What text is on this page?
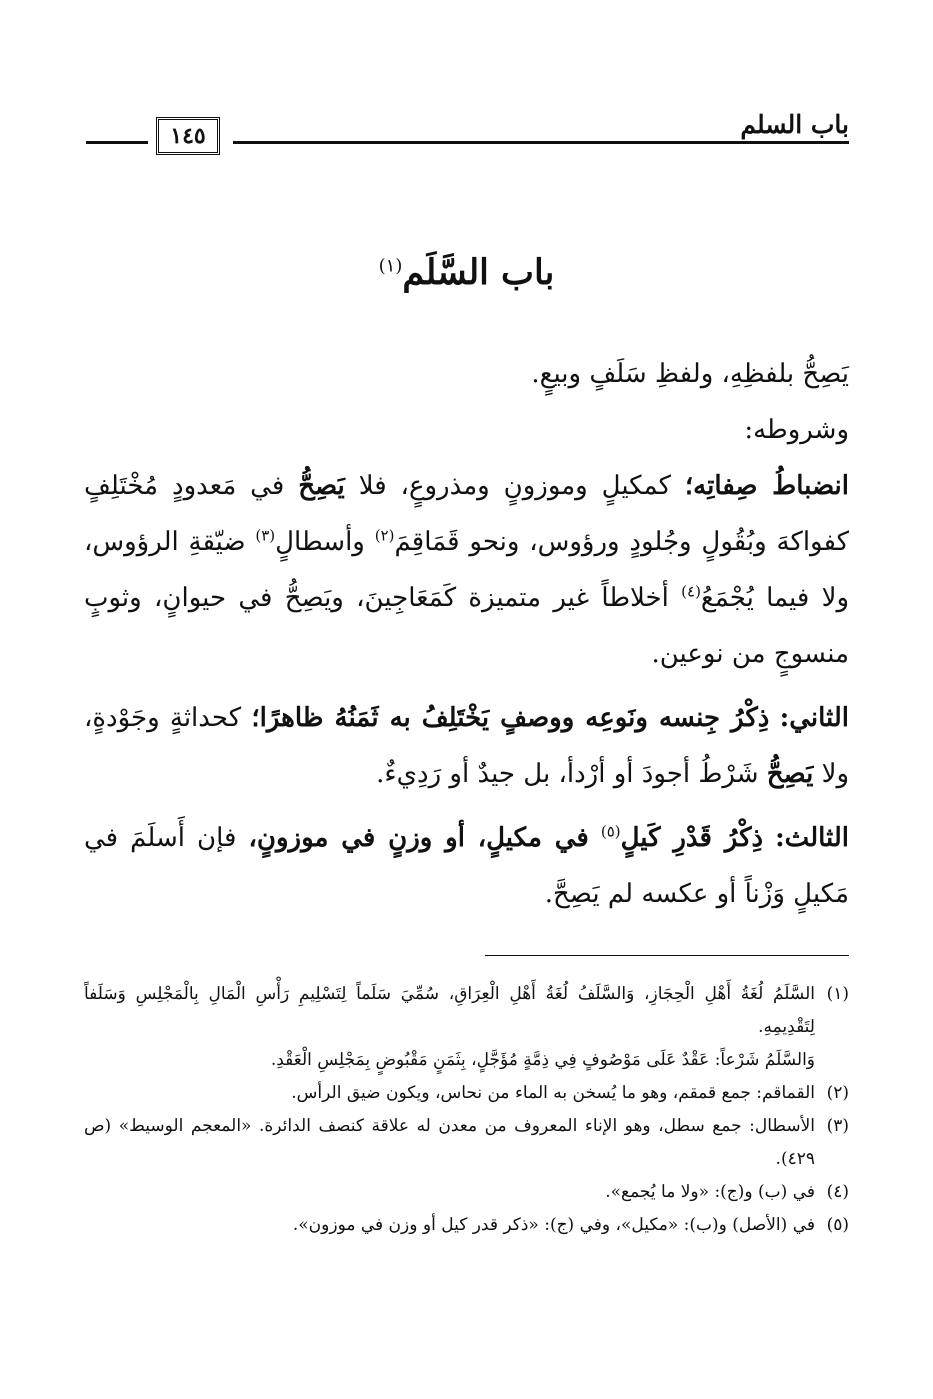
باب السلم
١٤٥
باب السَّلَم$^{(١)}$

يَصِحُّ بلفظِهِ، ولفظِ سَلَفٍ وبيعٍ.

وشروطه:

انضباطُ صِفاتِه؛ كمكيلٍ وموزونٍ ومذروعٍ، فلا يَصِحُّ في مَعدودٍ مُخْتَلِفٍ كفواكهَ وبُقُولٍ وجُلودٍ ورؤوس، ونحو قَمَاقِمَ$^{(٢)}$ وأسطالٍ$^{(٣)}$ ضيّقةِ الرؤوس، ولا فيما يُجْمَعُ$^{(٤)}$ أخلاطاً غير متميزة كَمَعَاجِينَ، ويَصِحُّ في حيوانٍ، وثوبٍ منسوجٍ من نوعين.

الثاني: ذِكْرُ جِنسه ونَوعِه ووصفٍ يَخْتَلِفُ به ثَمَنُهُ ظاهرًا؛ كحداثةٍ وجَوْدةٍ، ولا يَصِحُّ شَرْطُ أجودَ أو أرْدأ، بل جيدٌ أو رَدِيءٌ.

الثالث: ذِكْرُ قَدْرِ كَيلٍ$^{(٥)}$ في مكيلٍ، أو وزنٍ في موزونٍ، فإن أَسلَمَ في مَكيلٍ وَزْناً أو عكسه لم يَصِحَّ.

(١)
السَّلَمُ لُغَةُ أَهْلِ الْحِجَازِ، وَالسَّلَفُ لُغَةُ أَهْلِ الْعِرَاقِ، سُمِّيَ سَلَماً لِتَسْلِيمِ رَأْسِ الْمَالِ بِالْمَجْلِسِ وَسَلَفاً لِتَقْدِيمِهِ.

وَالسَّلَمُ شَرْعاً: عَقْدٌ عَلَى مَوْصُوفٍ فِي ذِمَّةٍ مُؤَجَّلٍ، بِثَمَنٍ مَقْبُوضٍ بِمَجْلِسِ الْعَقْدِ.

(٢)
القماقم: جمع قمقم، وهو ما يُسخن به الماء من نحاس، ويكون ضيق الرأس.
(٣)
الأسطال: جمع سطل، وهو الإناء المعروف من معدن له علاقة كنصف الدائرة. «المعجم الوسيط» (ص ٤٢٩).
(٤)
في (ب) و(ج): «ولا ما يُجمع».
(٥)
في (الأصل) و(ب): «مكيل»، وفي (ج): «ذكر قدر كيل أو وزن في موزون».
